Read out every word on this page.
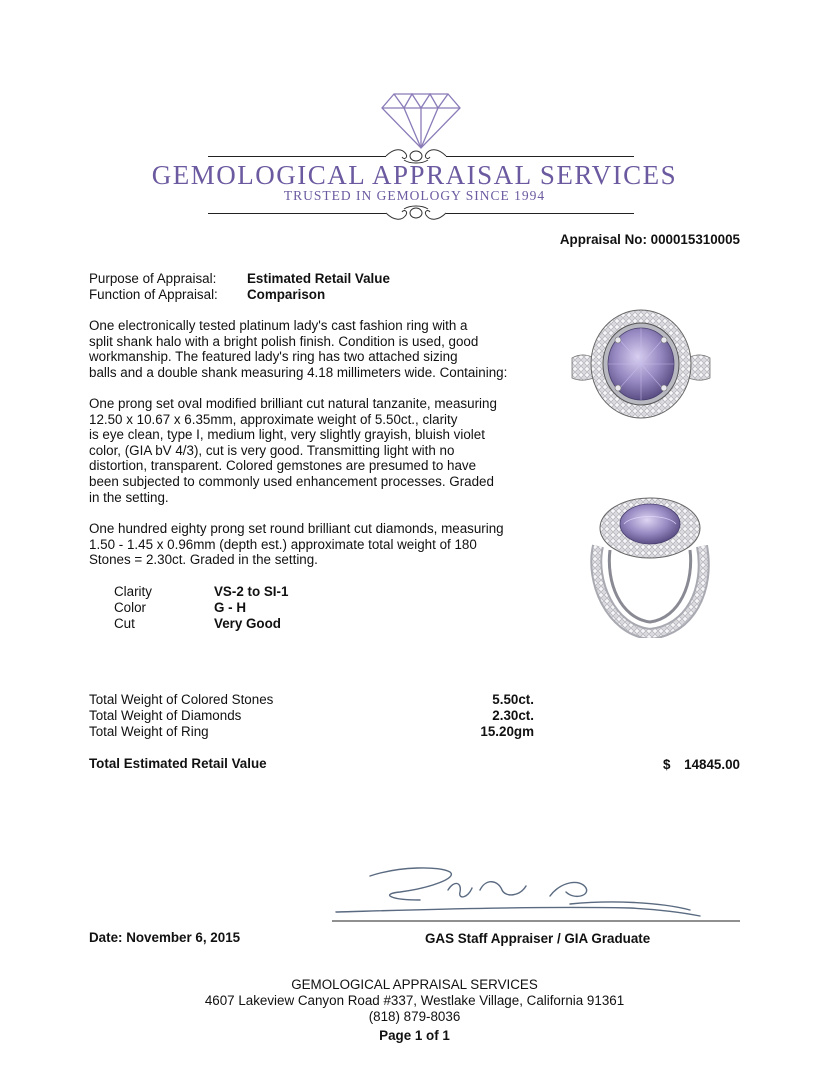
GEMOLOGICAL APPRAISAL SERVICES
TRUSTED IN GEMOLOGY SINCE 1994
Appraisal No: 000015310005
Purpose of Appraisal: Estimated Retail Value
Function of Appraisal: Comparison
One electronically tested platinum lady's cast fashion ring with a
split shank halo with a bright polish finish. Condition is used, good
workmanship. The featured lady's ring has two attached sizing
balls and a double shank measuring 4.18 millimeters wide. Containing:
One prong set oval modified brilliant cut natural tanzanite, measuring
12.50 x 10.67 x 6.35mm, approximate weight of 5.50ct., clarity
is eye clean, type I, medium light, very slightly grayish, bluish violet
color, (GIA bV 4/3), cut is very good. Transmitting light with no
distortion, transparent. Colored gemstones are presumed to have
been subjected to commonly used enhancement processes. Graded
in the setting.
One hundred eighty prong set round brilliant cut diamonds, measuring
1.50 - 1.45 x 0.96mm (depth est.) approximate total weight of 180
Stones = 2.30ct. Graded in the setting.
Clarity	VS-2 to SI-1
Color	G - H
Cut	Very Good
Total Weight of Colored Stones	5.50ct.
Total Weight of Diamonds	2.30ct.
Total Weight of Ring	15.20gm
Total Estimated Retail Value	$	14845.00
Date: November 6, 2015	GAS Staff Appraiser / GIA Graduate
GEMOLOGICAL APPRAISAL SERVICES
4607 Lakeview Canyon Road #337, Westlake Village, California 91361
(818) 879-8036
Page 1 of 1
